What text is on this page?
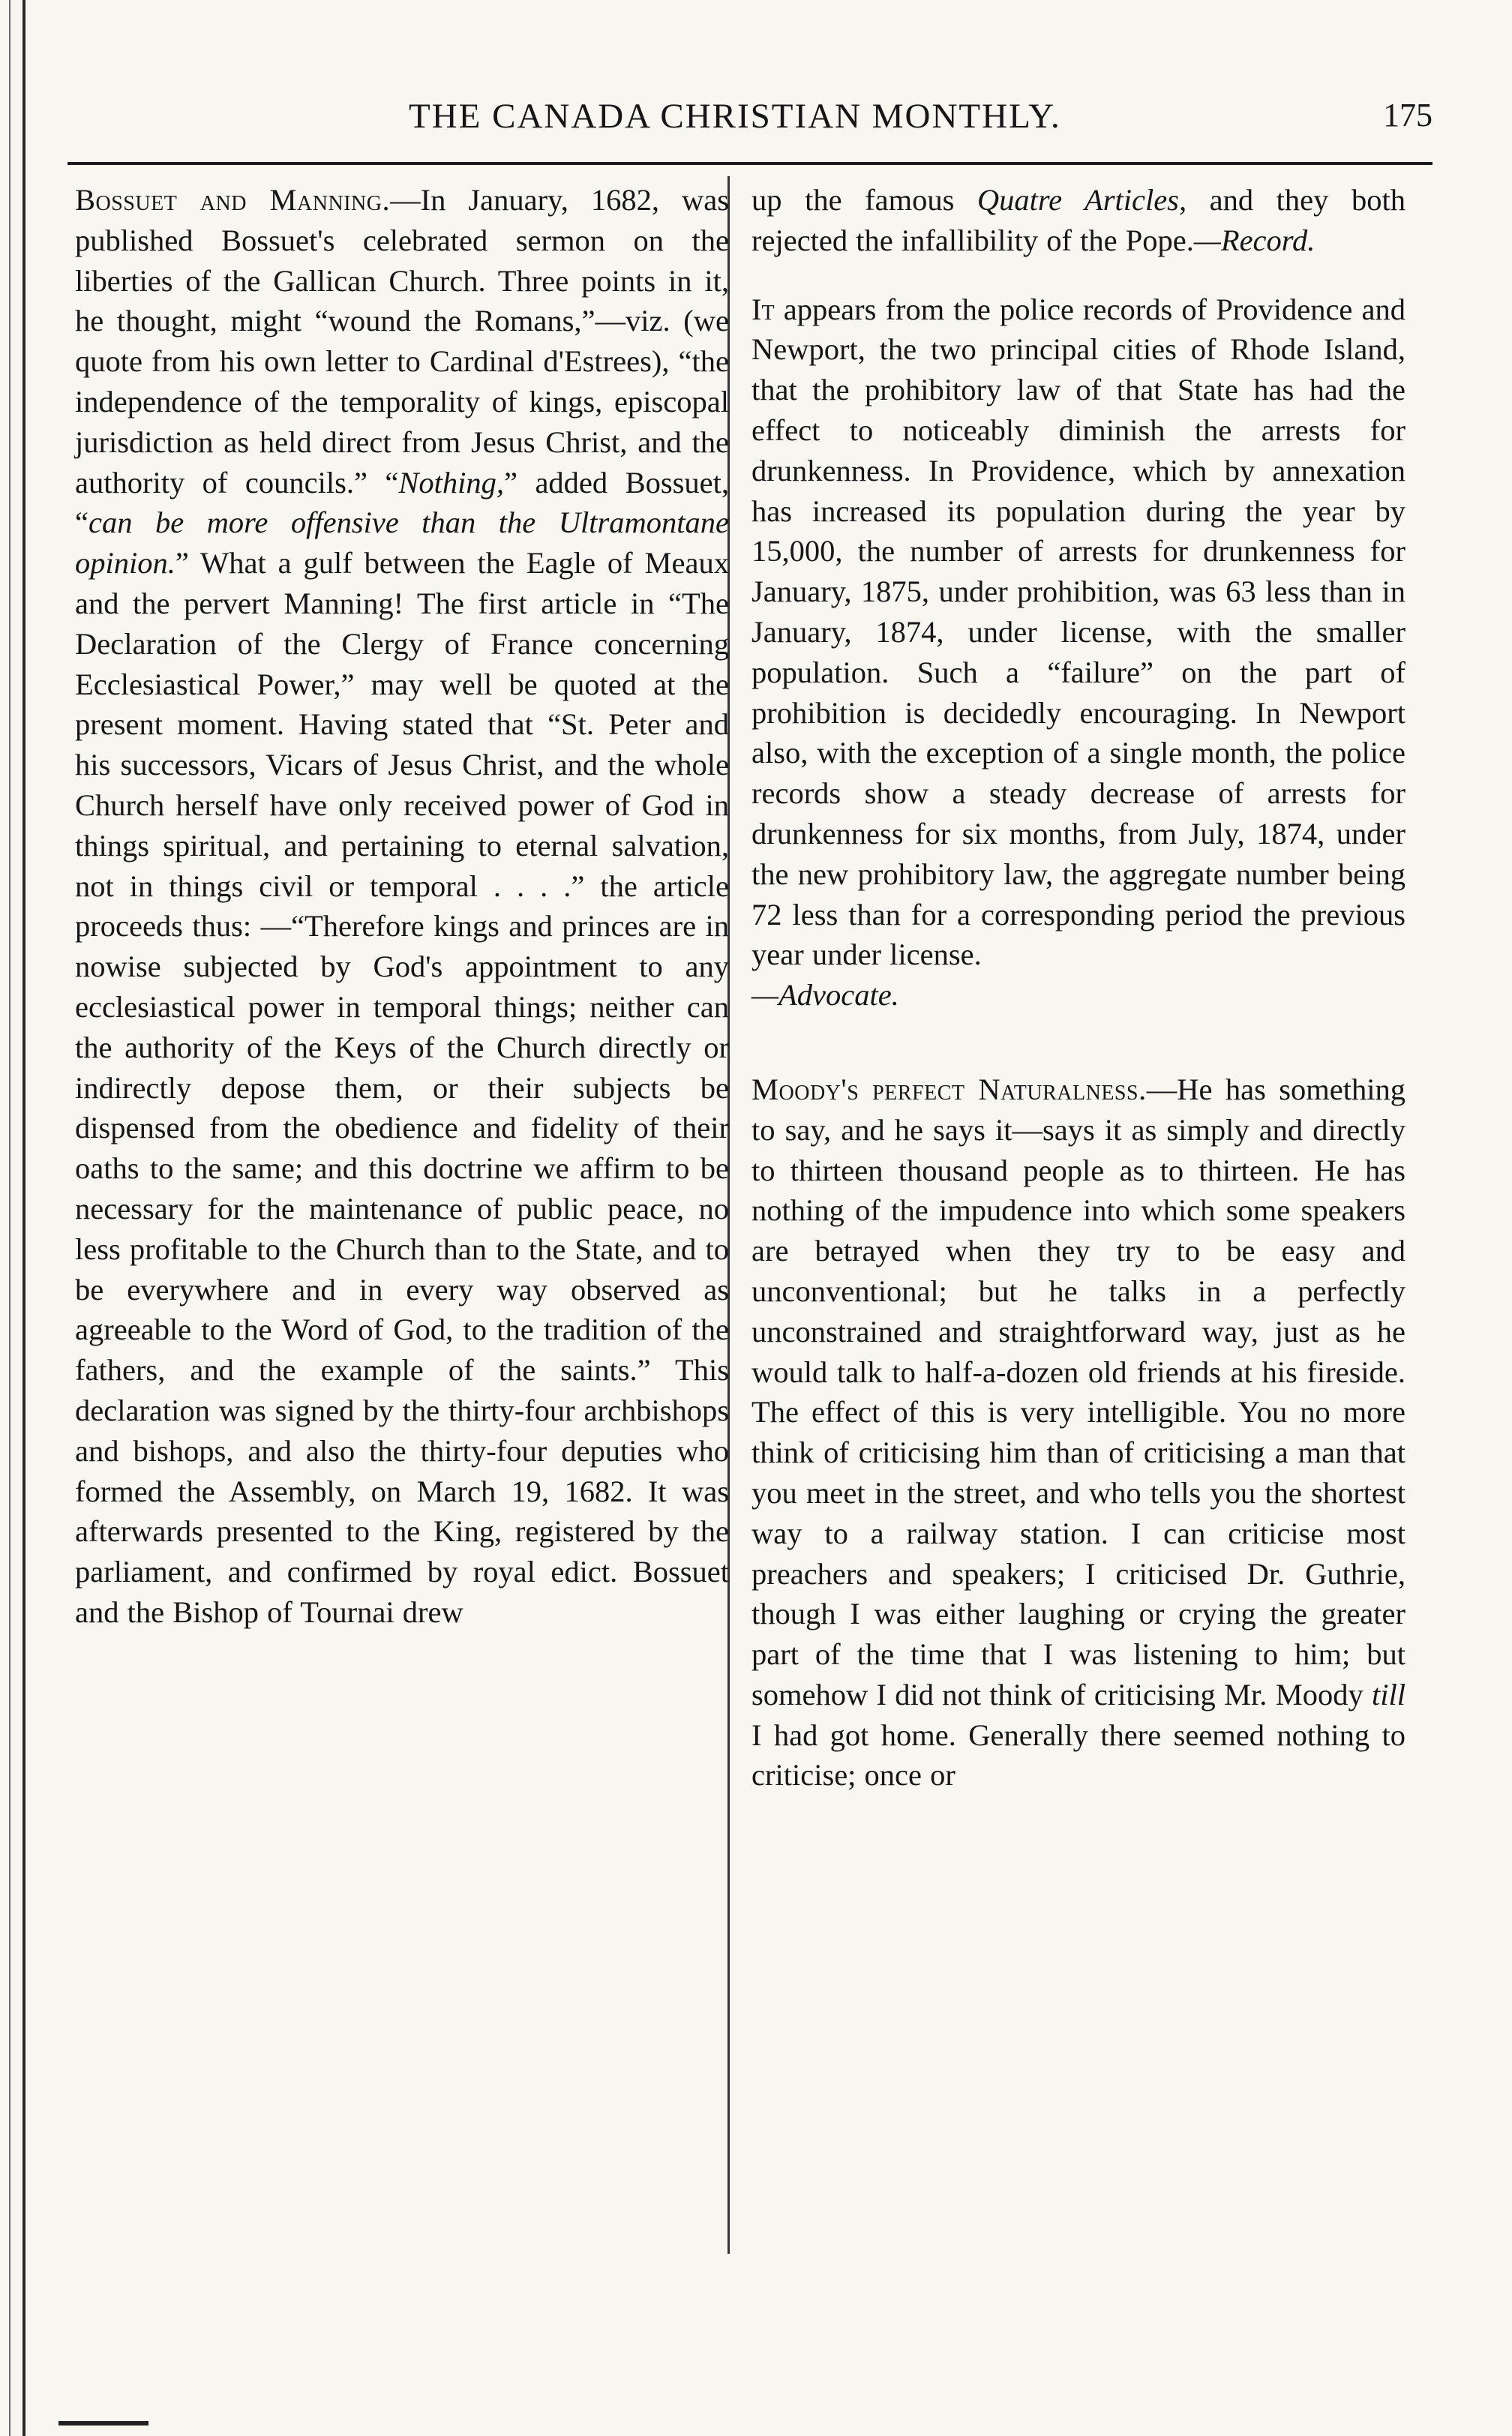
THE CANADA CHRISTIAN MONTHLY.	175

Bossuet and Manning.—In January, 1682, was published Bossuet's celebrated sermon on the liberties of the Gallican Church. Three points in it, he thought, might “wound the Romans,”—viz. (we quote from his own letter to Cardinal d'Estrees), “the independence of the temporality of kings, episcopal jurisdiction as held direct from Jesus Christ, and the authority of councils.” “Nothing,” added Bossuet, “can be more offensive than the Ultramontane opinion.” What a gulf between the Eagle of Meaux and the pervert Manning! The first article in “The Declaration of the Clergy of France concerning Ecclesiastical Power,” may well be quoted at the present moment. Having stated that “St. Peter and his successors, Vicars of Jesus Christ, and the whole Church herself have only received power of God in things spiritual, and pertaining to eternal salvation, not in things civil or temporal . . . .” the article proceeds thus: —“Therefore kings and princes are in nowise subjected by God's appointment to any ecclesiastical power in temporal things; neither can the authority of the Keys of the Church directly or indirectly depose them, or their subjects be dispensed from the obedience and fidelity of their oaths to the same; and this doctrine we affirm to be necessary for the maintenance of public peace, no less profitable to the Church than to the State, and to be everywhere and in every way observed as agreeable to the Word of God, to the tradition of the fathers, and the example of the saints.” This declaration was signed by the thirty-four archbishops and bishops, and also the thirty-four deputies who formed the Assembly, on March 19, 1682. It was afterwards presented to the King, registered by the parliament, and confirmed by royal edict. Bossuet and the Bishop of Tournai drew

up the famous Quatre Articles, and they both rejected the infallibility of the Pope.—Record.

It appears from the police records of Providence and Newport, the two principal cities of Rhode Island, that the prohibitory law of that State has had the effect to noticeably diminish the arrests for drunkenness. In Providence, which by annexation has increased its population during the year by 15,000, the number of arrests for drunkenness for January, 1875, under prohibition, was 63 less than in January, 1874, under license, with the smaller population. Such a “failure” on the part of prohibition is decidedly encouraging. In Newport also, with the exception of a single month, the police records show a steady decrease of arrests for drunkenness for six months, from July, 1874, under the new prohibitory law, the aggregate number being 72 less than for a corresponding period the previous year under license.
—Advocate.

Moody's perfect Naturalness.—He has something to say, and he says it—says it as simply and directly to thirteen thousand people as to thirteen. He has nothing of the impudence into which some speakers are betrayed when they try to be easy and unconventional; but he talks in a perfectly unconstrained and straightforward way, just as he would talk to half-a-dozen old friends at his fireside. The effect of this is very intelligible. You no more think of criticising him than of criticising a man that you meet in the street, and who tells you the shortest way to a railway station. I can criticise most preachers and speakers; I criticised Dr. Guthrie, though I was either laughing or crying the greater part of the time that I was listening to him; but somehow I did not think of criticising Mr. Moody till I had got home. Generally there seemed nothing to criticise; once or
